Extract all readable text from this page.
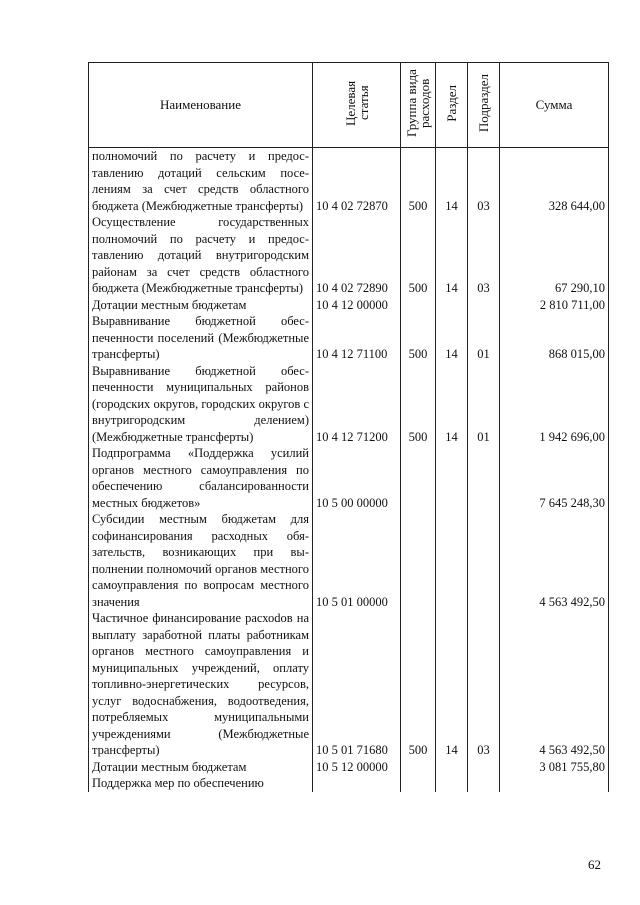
Наименование	Целевая статья	Группа вида расходов	Раздел	Подраздел	Сумма
полномочий по расчету и предоставлению дотаций сельским поселениям за счет средств областного бюджета (Межбюджетные трансферты)	10 4 02 72870	500	14	03	328 644,00
Осуществление государственных полномочий по расчету и предоставлению дотаций внутригородским районам за счет средств областного бюджета (Межбюджетные трансферты)	10 4 02 72890	500	14	03	67 290,10
Дотации местным бюджетам	10 4 12 00000				2 810 711,00
Выравнивание бюджетной обеспеченности поселений (Межбюджетные трансферты)	10 4 12 71100	500	14	01	868 015,00
Выравнивание бюджетной обеспеченности муниципальных районов (городских округов, городских округов с внутригородским делением) (Межбюджетные трансферты)	10 4 12 71200	500	14	01	1 942 696,00
Подпрограмма «Поддержка усилий органов местного самоуправления по обеспечению сбалансированности местных бюджетов»	10 5 00 00000				7 645 248,30
Субсидии местным бюджетам для софинансирования расходных обязательств, возникающих при выполнении полномочий органов местного самоуправления по вопросам местного значения	10 5 01 00000				4 563 492,50
Частичное финансирование расхоdов на выплату заработной платы работникам органов местного самоуправления и муниципальных учреждений, оплату топливно-энергетических ресурсов, услуг водоснабжения, водоотведения, потребляемых муниципальными учреждениями (Межбюджетные трансферты)	10 5 01 71680	500	14	03	4 563 492,50
Дотации местным бюджетам	10 5 12 00000				3 081 755,80
Поддержка мер по обеспечению					
62
